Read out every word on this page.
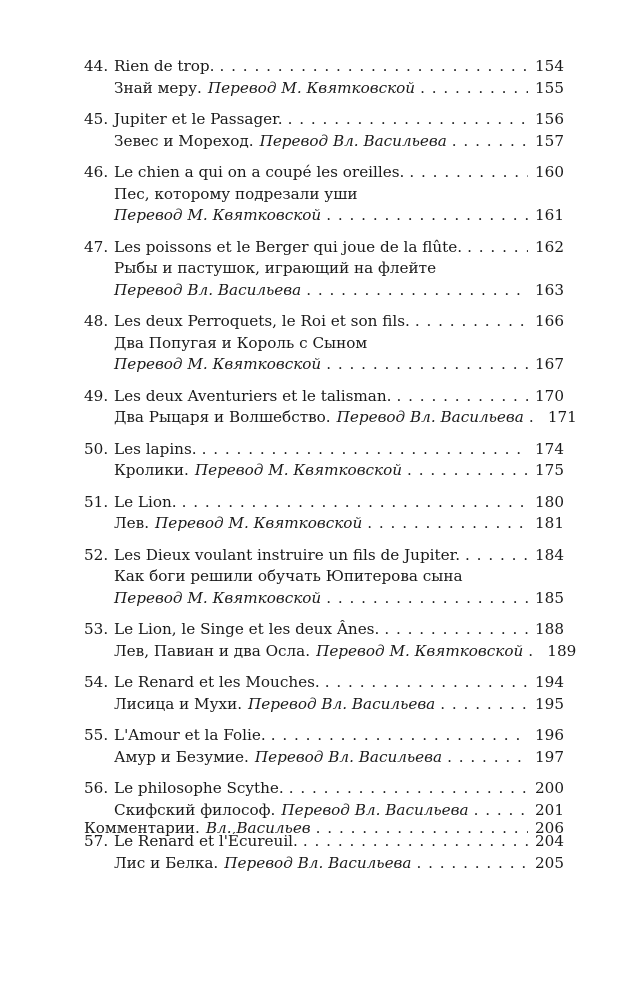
44. Rien de trop. . . .	154
Знай меру. Перевод М. Квятковской . . .	155
45. Jupiter et le Passager. . . .	156
Зевес и Мореход. Перевод Вл. Васильева . . .	157
46. Le chien a qui on a coupé les oreilles. . . .	160
Пес, которому подрезали уши
Перевод М. Квятковской . . .	161
47. Les poissons et le Berger qui joue de la flûte. . . .	162
Рыбы и пастушок, играющий на флейте
Перевод Вл. Васильева . . .	163
48. Les deux Perroquets, le Roi et son fils. . . .	166
Два Попугая и Король с Сыном
Перевод М. Квятковской . . .	167
49. Les deux Aventuriers et le talisman. . . .	170
Два Рыцаря и Волшебство. Перевод Вл. Васильева . . . 171
50. Les lapins. . . .	174
Кролики. Перевод М. Квятковской . . .	175
51. Le Lion. . . .	180
Лев. Перевод М. Квятковской . . .	181
52. Les Dieux voulant instruire un fils de Jupiter. . . .	184
Как боги решили обучать Юпитерова сына
Перевод М. Квятковской . . .	185
53. Le Lion, le Singe et les deux Ânes. . . .	188
Лев, Павиан и два Осла. Перевод М. Квятковской . . . 189
54. Le Renard et les Mouches. . . .	194
Лисица и Мухи. Перевод Вл. Васильева . . .	195
55. L'Amour et la Folie. . . .	196
Амур и Безумие. Перевод Вл. Васильева . . .	197
56. Le philosophe Scythe. . . .	200
Скифский философ. Перевод Вл. Васильева . . .	201
57. Le Renard et l'Écureuil. . . .	204
Лис и Белка. Перевод Вл. Васильева . . .	205
Комментарии. Вл. Васильев . . .	206
